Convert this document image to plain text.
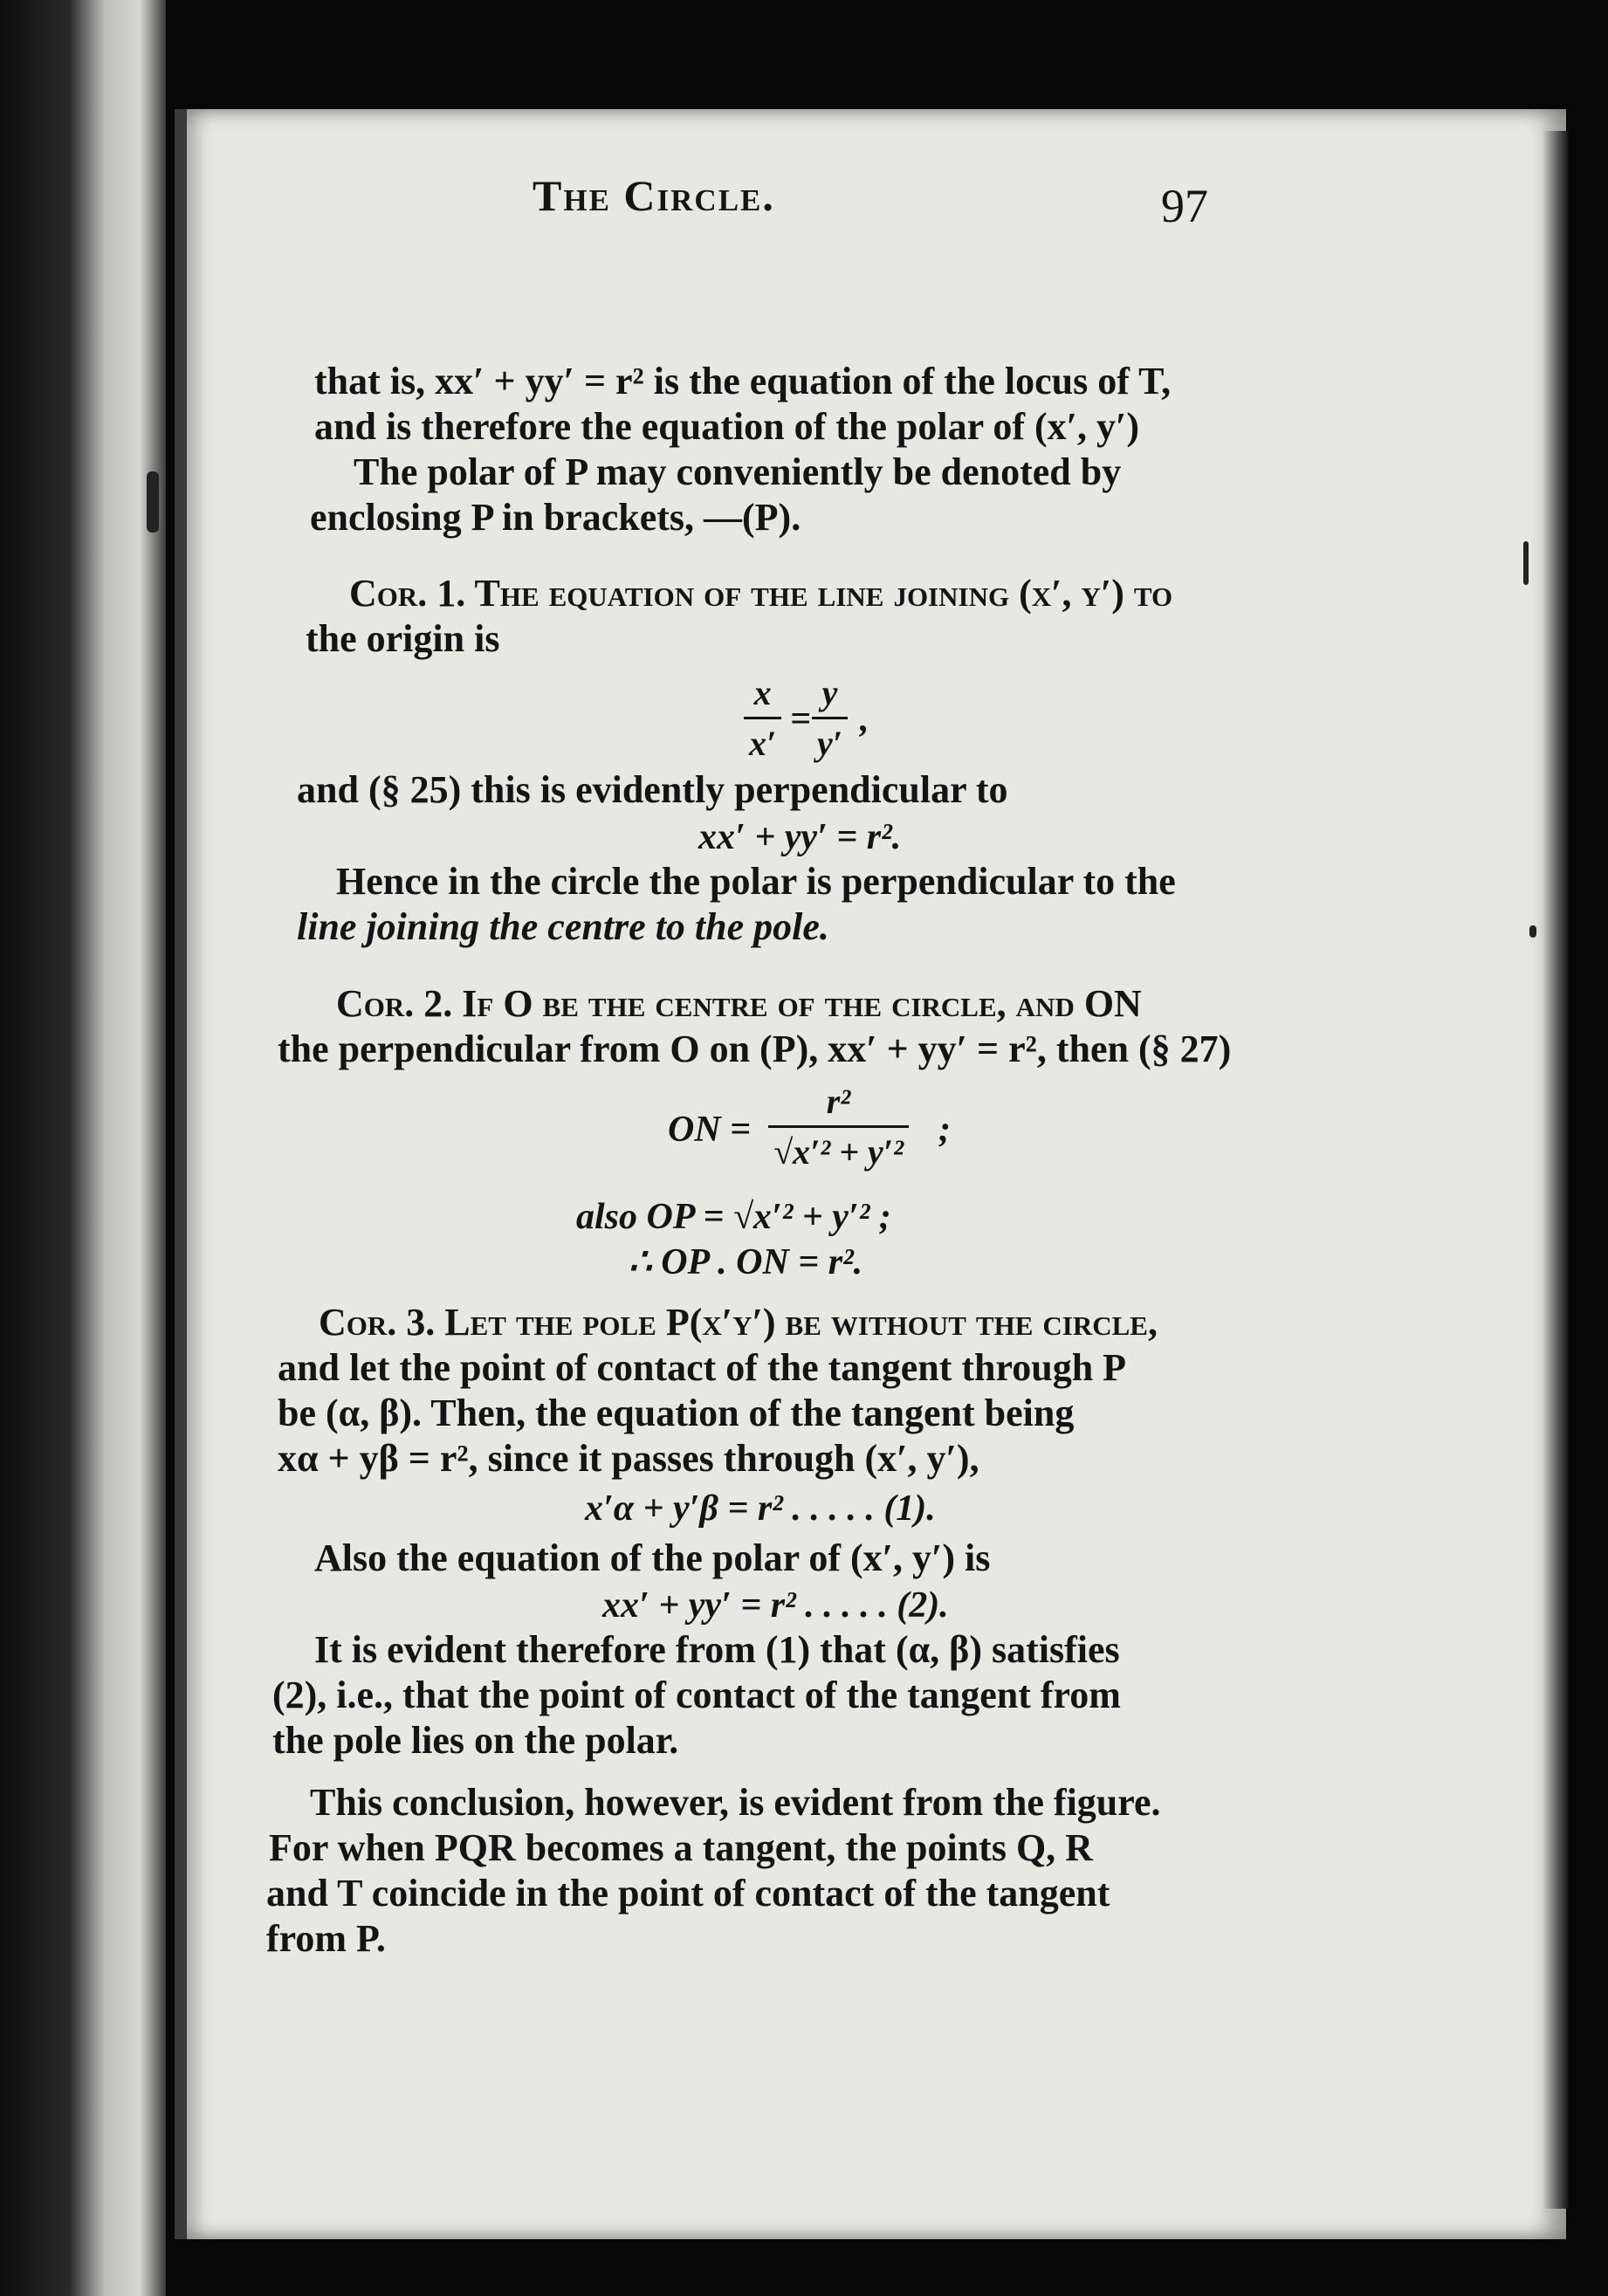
The Circle.	97
that is, xx′ + yy′ = r² is the equation of the locus of T,
and is therefore the equation of the polar of (x′, y′)
The polar of P may conveniently be denoted by
enclosing P in brackets, —(P).
Cor. 1. The equation of the line joining (x′, y′) to
the origin is
x
x′
=
y
y′
,
and (§ 25) this is evidently perpendicular to
xx′ + yy′ = r².
Hence in the circle the polar is perpendicular to the
line joining the centre to the pole.
Cor. 2. If O be the centre of the circle, and ON
the perpendicular from O on (P), xx′ + yy′ = r², then (§ 27)
ON =
r²
√x′² + y′²
;
also OP = √x′² + y′² ;
∴ OP . ON = r².
Cor. 3. Let the pole P(x′y′) be without the circle,
and let the point of contact of the tangent through P
be (α, β). Then, the equation of the tangent being
xα + yβ = r², since it passes through (x′, y′),
x′α + y′β = r² . . . . . (1).
Also the equation of the polar of (x′, y′) is
xx′ + yy′ = r² . . . . . (2).
It is evident therefore from (1) that (α, β) satisfies
(2), i.e., that the point of contact of the tangent from
the pole lies on the polar.
This conclusion, however, is evident from the figure.
For when PQR becomes a tangent, the points Q, R
and T coincide in the point of contact of the tangent
from P.
